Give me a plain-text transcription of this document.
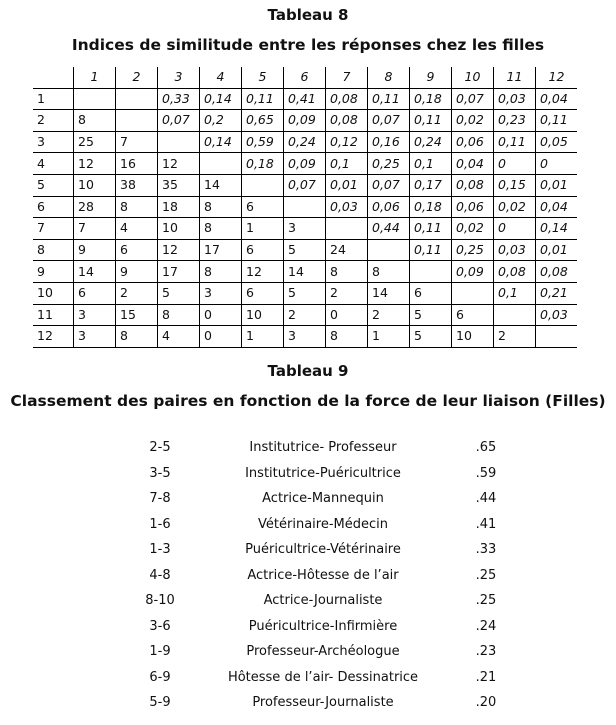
Tableau 8
Indices de similitude entre les réponses chez les filles
	1	2	3	4	5	6	7	8	9	10	11	12
1			0,33	0,14	0,11	0,41	0,08	0,11	0,18	0,07	0,03	0,04
2	8		0,07	0,2	0,65	0,09	0,08	0,07	0,11	0,02	0,23	0,11
3	25	7		0,14	0,59	0,24	0,12	0,16	0,24	0,06	0,11	0,05
4	12	16	12		0,18	0,09	0,1	0,25	0,1	0,04	0	0
5	10	38	35	14		0,07	0,01	0,07	0,17	0,08	0,15	0,01
6	28	8	18	8	6		0,03	0,06	0,18	0,06	0,02	0,04
7	7	4	10	8	1	3		0,44	0,11	0,02	0	0,14
8	9	6	12	17	6	5	24		0,11	0,25	0,03	0,01
9	14	9	17	8	12	14	8	8		0,09	0,08	0,08
10	6	2	5	3	6	5	2	14	6		0,1	0,21
11	3	15	8	0	10	2	0	2	5	6		0,03
12	3	8	4	0	1	3	8	1	5	10	2	
Tableau 9
Classement des paires en fonction de la force de leur liaison (Filles)
2-5	Institutrice- Professeur	.65
3-5	Institutrice-Puéricultrice	.59
7-8	Actrice-Mannequin	.44
1-6	Vétérinaire-Médecin	.41
1-3	Puéricultrice-Vétérinaire	.33
4-8	Actrice-Hôtesse de l’air	.25
8-10	Actrice-Journaliste	.25
3-6	Puéricultrice-Infirmière	.24
1-9	Professeur-Archéologue	.23
6-9	Hôtesse de l’air- Dessinatrice	.21
5-9	Professeur-Journaliste	.20
